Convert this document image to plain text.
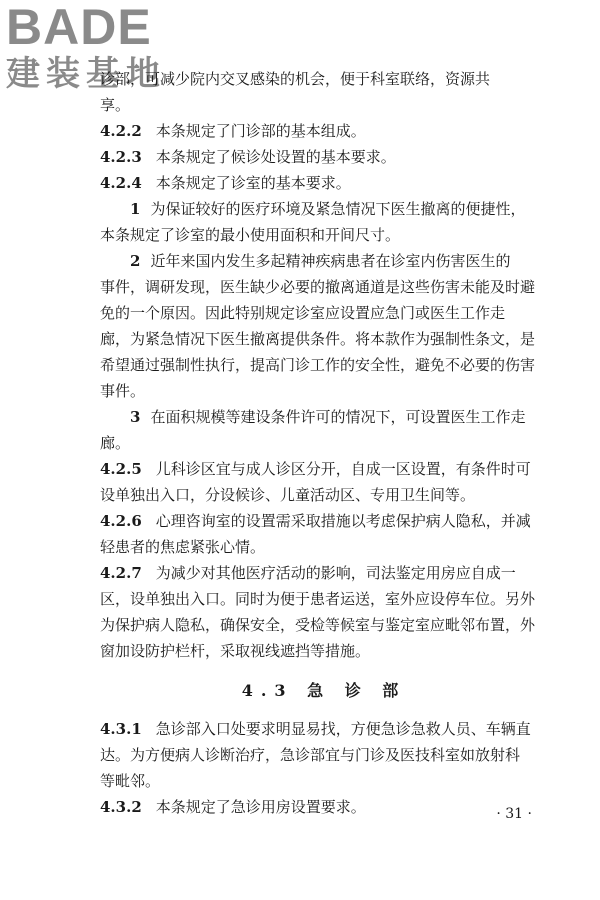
BADE
建装基地
诊部，可减少院内交叉感染的机会，便于科室联络，资源共
享。
4.2.2 本条规定了门诊部的基本组成。
4.2.3 本条规定了候诊处设置的基本要求。
4.2.4 本条规定了诊室的基本要求。
1 为保证较好的医疗环境及紧急情况下医生撤离的便捷性，
本条规定了诊室的最小使用面积和开间尺寸。
2 近年来国内发生多起精神疾病患者在诊室内伤害医生的
事件，调研发现，医生缺少必要的撤离通道是这些伤害未能及时避
免的一个原因。因此特别规定诊室应设置应急门或医生工作走
廊，为紧急情况下医生撤离提供条件。将本款作为强制性条文，是
希望通过强制性执行，提高门诊工作的安全性，避免不必要的伤害
事件。
3 在面积规模等建设条件许可的情况下，可设置医生工作走
廊。
4.2.5 儿科诊区宜与成人诊区分开，自成一区设置，有条件时可
设单独出入口，分设候诊、儿童活动区、专用卫生间等。
4.2.6 心理咨询室的设置需采取措施以考虑保护病人隐私，并减
轻患者的焦虑紧张心情。
4.2.7 为减少对其他医疗活动的影响，司法鉴定用房应自成一
区，设单独出入口。同时为便于患者运送，室外应设停车位。另外
为保护病人隐私，确保安全，受检等候室与鉴定室应毗邻布置，外
窗加设防护栏杆，采取视线遮挡等措施。
4.3 急 诊 部
4.3.1 急诊部入口处要求明显易找，方便急诊急救人员、车辆直
达。为方便病人诊断治疗，急诊部宜与门诊及医技科室如放射科
等毗邻。
4.3.2 本条规定了急诊用房设置要求。	· 31 ·
